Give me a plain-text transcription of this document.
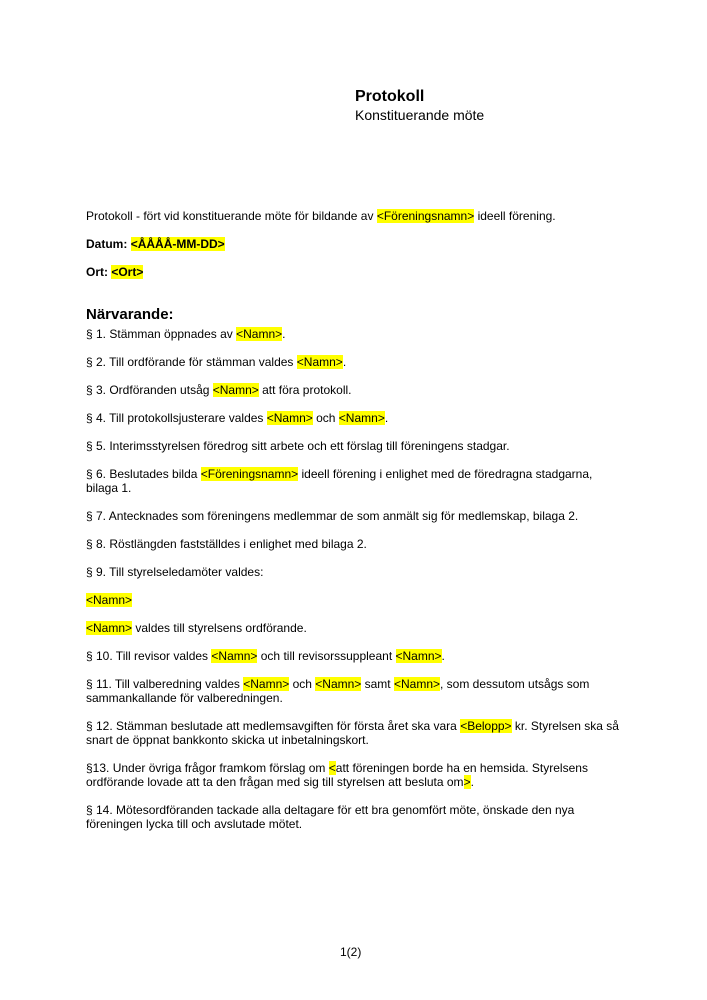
Protokoll
Konstituerande möte
Protokoll - fört vid konstituerande möte för bildande av <Föreningsnamn> ideell förening.
Datum: <ÅÅÅÅ-MM-DD>
Ort: <Ort>
Närvarande:
§ 1. Stämman öppnades av <Namn>.
§ 2. Till ordförande för stämman valdes <Namn>.
§ 3. Ordföranden utsåg <Namn> att föra protokoll.
§ 4. Till protokollsjusterare valdes <Namn> och <Namn>.
§ 5. Interimsstyrelsen föredrog sitt arbete och ett förslag till föreningens stadgar.
§ 6. Beslutades bilda <Föreningsnamn> ideell förening i enlighet med de föredragna stadgarna,
bilaga 1.
§ 7. Antecknades som föreningens medlemmar de som anmält sig för medlemskap, bilaga 2.
§ 8. Röstlängden fastställdes i enlighet med bilaga 2.
§ 9. Till styrelseledamöter valdes:
<Namn>
<Namn> valdes till styrelsens ordförande.
§ 10. Till revisor valdes <Namn> och till revisorssuppleant <Namn>.
§ 11. Till valberedning valdes <Namn> och <Namn> samt <Namn>, som dessutom utsågs som
sammankallande för valberedningen.
§ 12. Stämman beslutade att medlemsavgiften för första året ska vara <Belopp> kr. Styrelsen ska så
snart de öppnat bankkonto skicka ut inbetalningskort.
§13. Under övriga frågor framkom förslag om <att föreningen borde ha en hemsida. Styrelsens
ordförande lovade att ta den frågan med sig till styrelsen att besluta om>.
§ 14. Mötesordföranden tackade alla deltagare för ett bra genomfört möte, önskade den nya
föreningen lycka till och avslutade mötet.
1(2)
